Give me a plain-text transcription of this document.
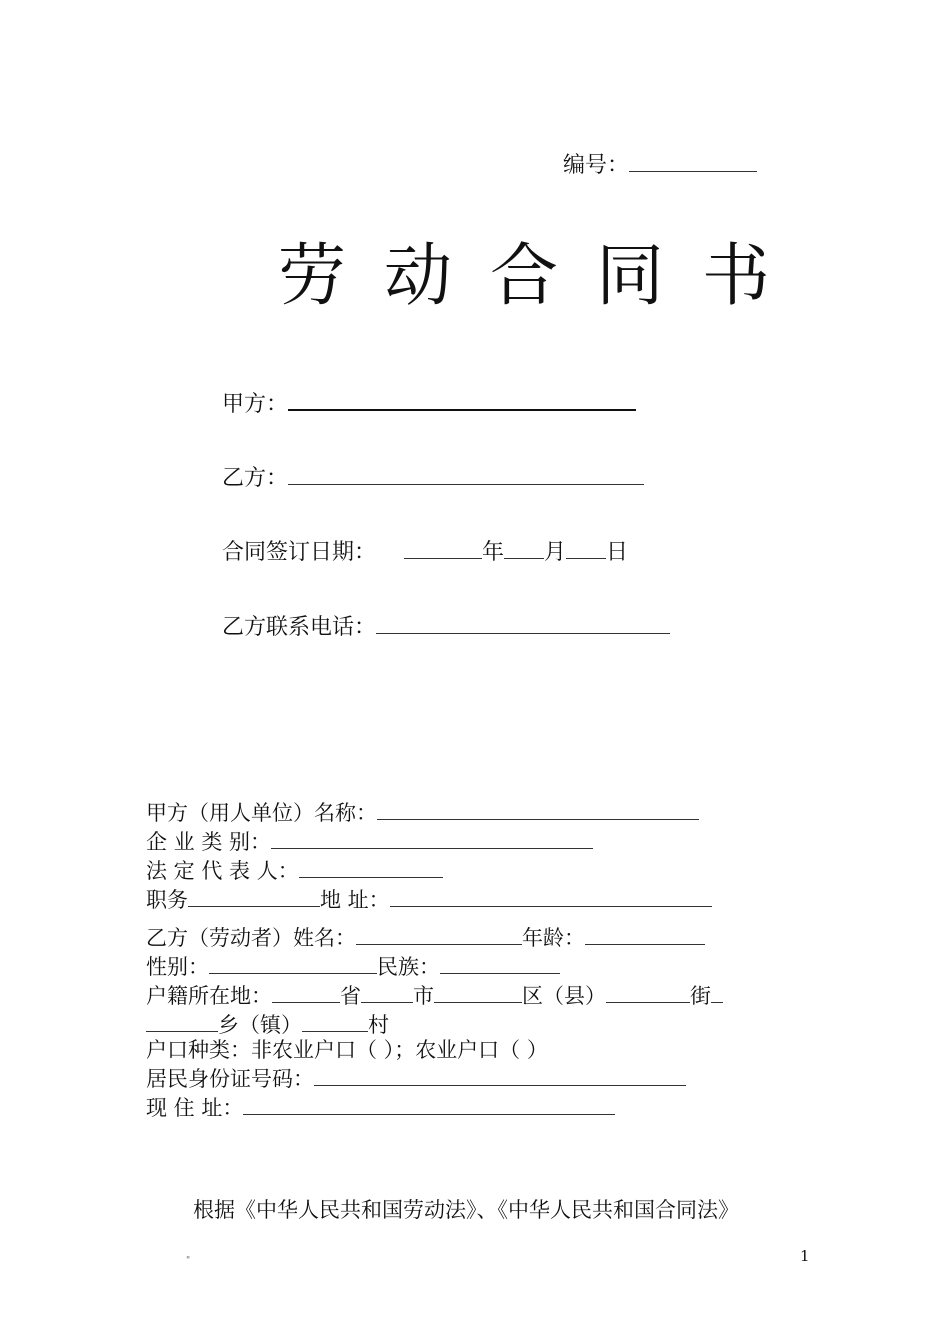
编号：
劳动合同书
甲方：
乙方：
合同签订日期：	年 月 日
乙方联系电话：
甲方（用人单位）名称：
企 业 类 别：
法 定 代 表 人：
职务	地 址：
乙方（劳动者）姓名：	年龄：
性别：	民族：
户籍所在地：	省 市	区（县）	街
乡（镇）	村
户口种类：非农业户口（ ）；农业户口（ ）
居民身份证号码：
现 住 址：
根据《中华人民共和国劳动法》、《中华人民共和国合同法》
"	1
